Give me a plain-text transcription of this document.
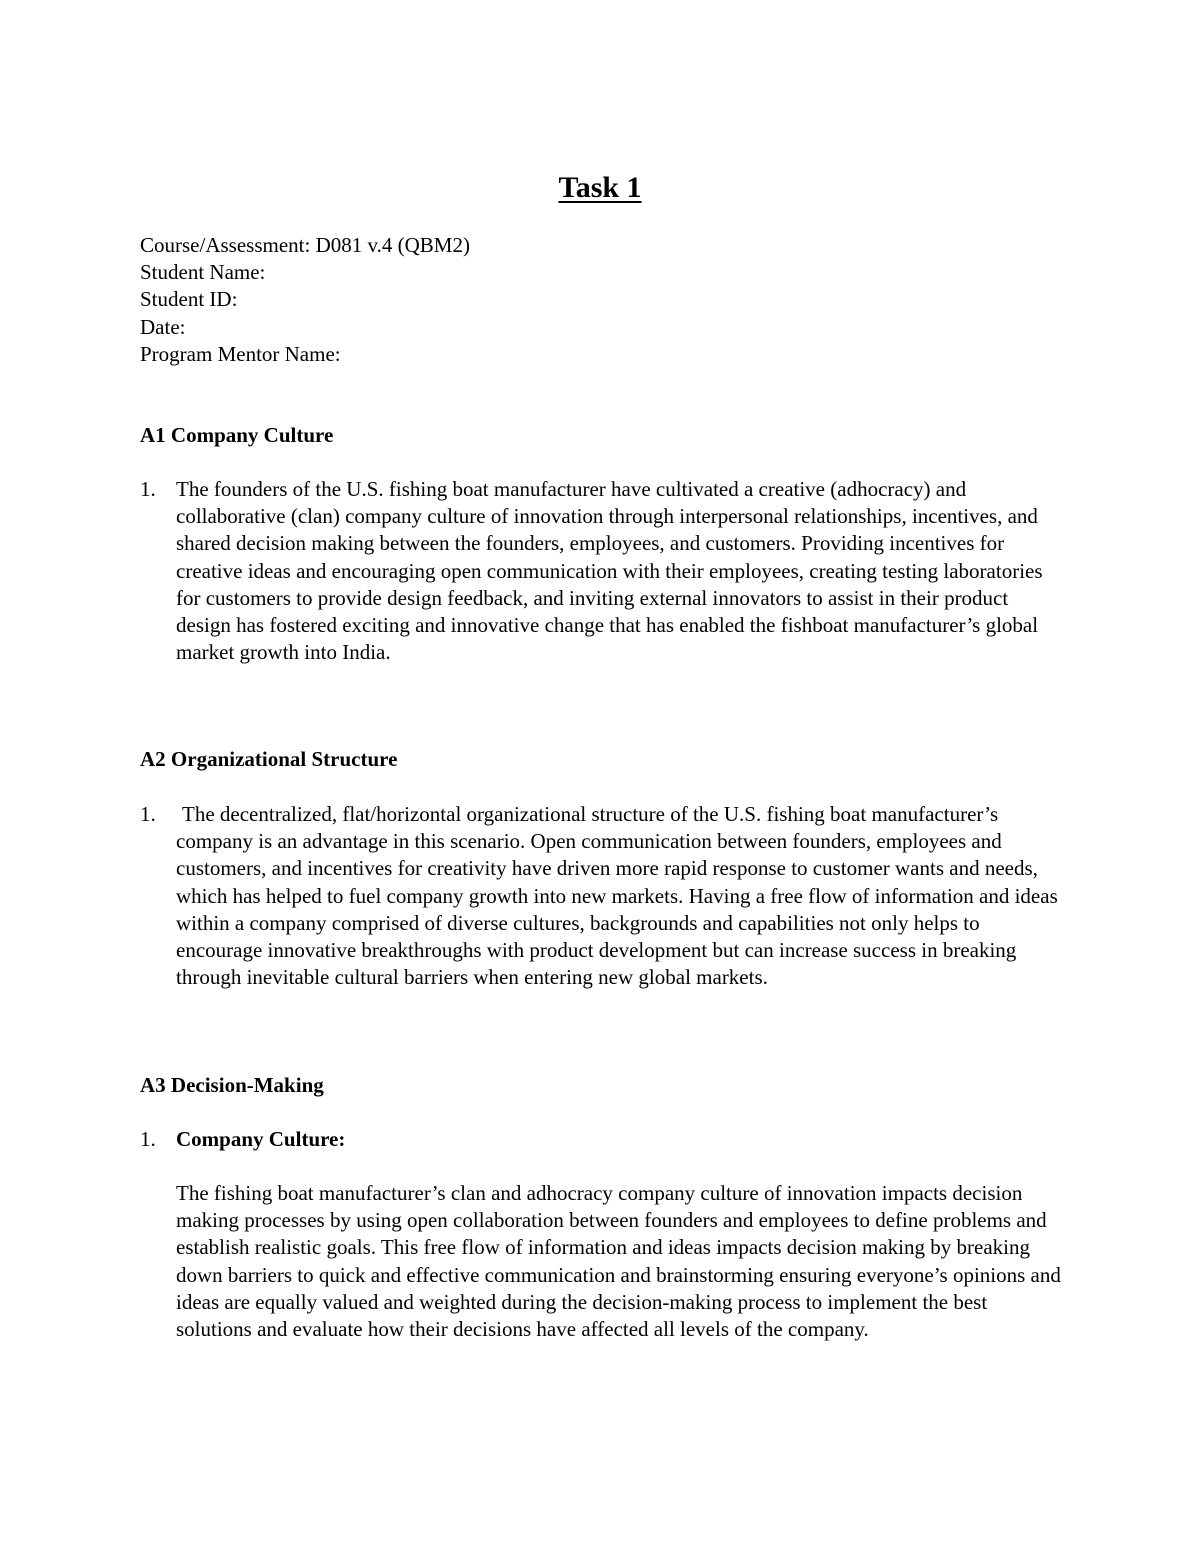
Task 1
Course/Assessment: D081 v.4 (QBM2)
Student Name:
Student ID:
Date:
Program Mentor Name:
A1 Company Culture
1. The founders of the U.S. fishing boat manufacturer have cultivated a creative (adhocracy) and collaborative (clan) company culture of innovation through interpersonal relationships, incentives, and shared decision making between the founders, employees, and customers. Providing incentives for creative ideas and encouraging open communication with their employees, creating testing laboratories for customers to provide design feedback, and inviting external innovators to assist in their product design has fostered exciting and innovative change that has enabled the fishboat manufacturer’s global market growth into India.
A2 Organizational Structure
1. The decentralized, flat/horizontal organizational structure of the U.S. fishing boat manufacturer’s company is an advantage in this scenario. Open communication between founders, employees and customers, and incentives for creativity have driven more rapid response to customer wants and needs, which has helped to fuel company growth into new markets. Having a free flow of information and ideas within a company comprised of diverse cultures, backgrounds and capabilities not only helps to encourage innovative breakthroughs with product development but can increase success in breaking through inevitable cultural barriers when entering new global markets.
A3 Decision-Making
1. Company Culture:
The fishing boat manufacturer’s clan and adhocracy company culture of innovation impacts decision making processes by using open collaboration between founders and employees to define problems and establish realistic goals. This free flow of information and ideas impacts decision making by breaking down barriers to quick and effective communication and brainstorming ensuring everyone’s opinions and ideas are equally valued and weighted during the decision-making process to implement the best solutions and evaluate how their decisions have affected all levels of the company.
